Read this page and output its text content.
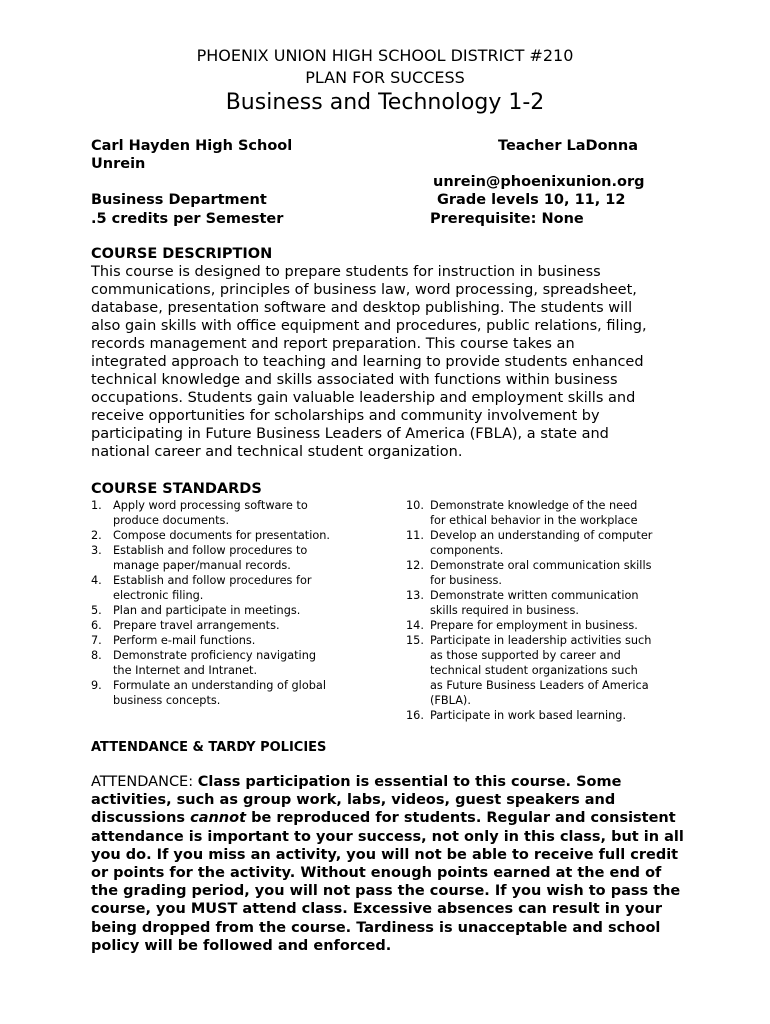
PHOENIX UNION HIGH SCHOOL DISTRICT #210
PLAN FOR SUCCESS
Business and Technology 1-2
Carl Hayden High School	Teacher LaDonna
Unrein
unrein@phoenixunion.org
Business Department	Grade levels 10, 11, 12
.5 credits per Semester	Prerequisite: None
COURSE DESCRIPTION

This course is designed to prepare students for instruction in business

communications, principles of business law, word processing, spreadsheet,

database, presentation software and desktop publishing. The students will

also gain skills with office equipment and procedures, public relations, filing,

records management and report preparation. This course takes an

integrated approach to teaching and learning to provide students enhanced

technical knowledge and skills associated with functions within business

occupations. Students gain valuable leadership and employment skills and

receive opportunities for scholarships and community involvement by

participating in Future Business Leaders of America (FBLA), a state and

national career and technical student organization.

COURSE STANDARDS
1. Apply word processing software to
produce documents.
2. Compose documents for presentation.
3. Establish and follow procedures to
manage paper/manual records.
4. Establish and follow procedures for
electronic filing.
5. Plan and participate in meetings.
6. Prepare travel arrangements.
7. Perform e-mail functions.
8. Demonstrate proficiency navigating
the Internet and Intranet.
9. Formulate an understanding of global
business concepts.
10. Demonstrate knowledge of the need
for ethical behavior in the workplace
11. Develop an understanding of computer
components.
12. Demonstrate oral communication skills
for business.
13. Demonstrate written communication
skills required in business.
14. Prepare for employment in business.
15. Participate in leadership activities such
as those supported by career and
technical student organizations such
as Future Business Leaders of America
(FBLA).
16. Participate in work based learning.
ATTENDANCE & TARDY POLICIES
ATTENDANCE: Class participation is essential to this course. Some activities, such as group work, labs, videos, guest speakers and discussions cannot be reproduced for students. Regular and consistent attendance is important to your success, not only in this class, but in all you do. If you miss an activity, you will not be able to receive full credit or points for the activity. Without enough points earned at the end of the grading period, you will not pass the course. If you wish to pass the course, you MUST attend class. Excessive absences can result in your being dropped from the course. Tardiness is unacceptable and school policy will be followed and enforced.
